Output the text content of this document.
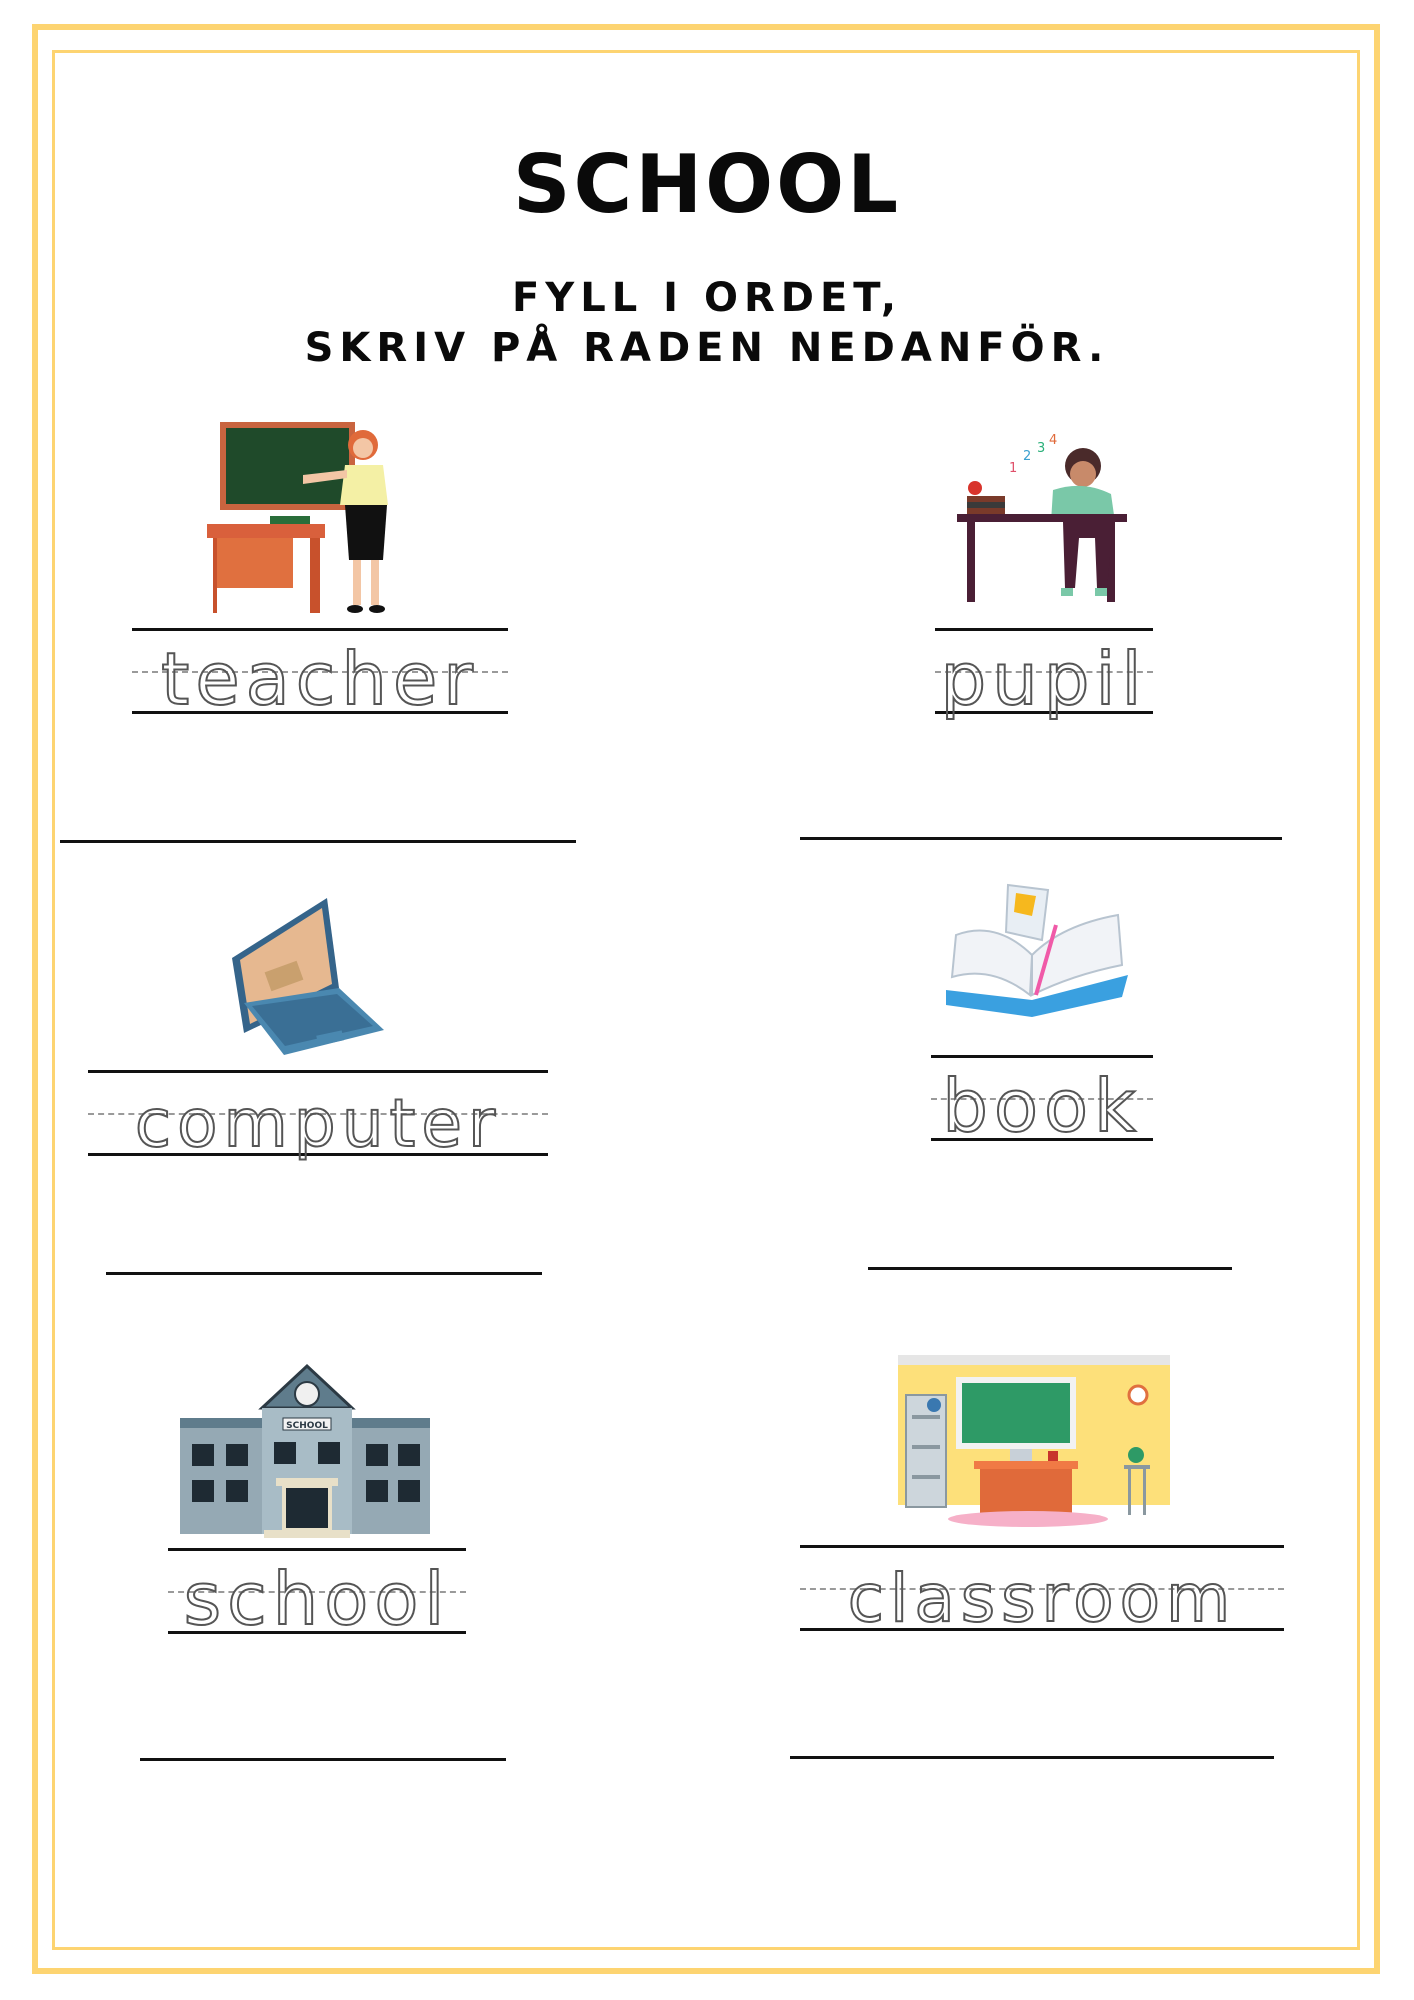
SCHOOL
FYLL I ORDET,
SKRIV PÅ RADEN NEDANFÖR.
teacher
1
2
3
4
pupil
computer	book
SCHOOL
school	classroom
